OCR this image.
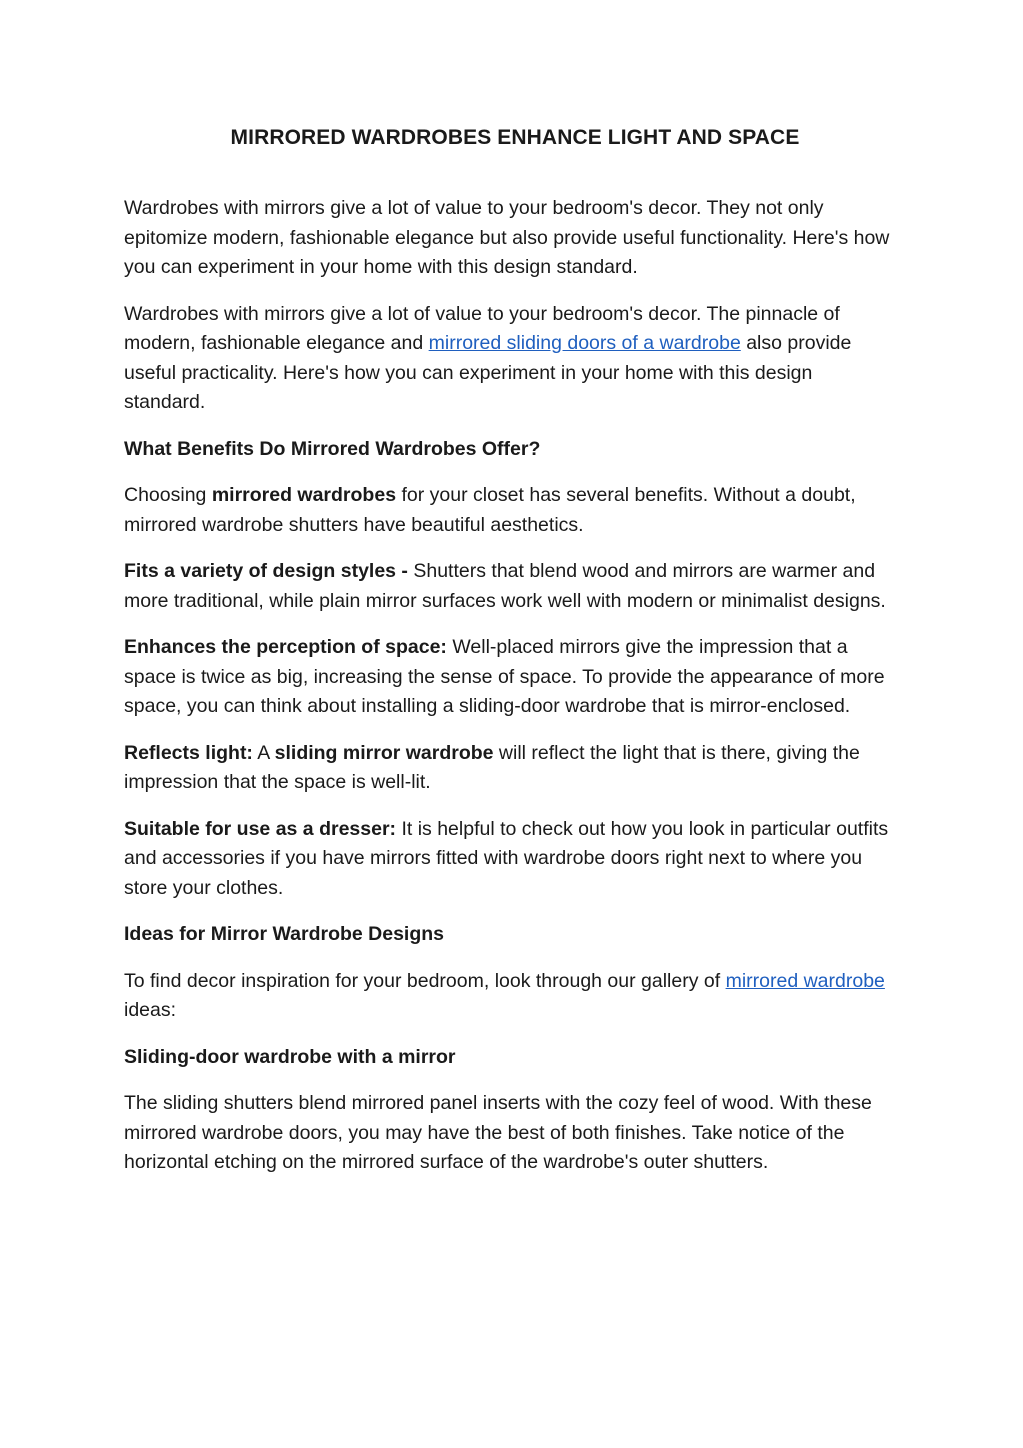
MIRRORED WARDROBES ENHANCE LIGHT AND SPACE

Wardrobes with mirrors give a lot of value to your bedroom's decor. They not only epitomize modern, fashionable elegance but also provide useful functionality. Here's how you can experiment in your home with this design standard.

Wardrobes with mirrors give a lot of value to your bedroom's decor. The pinnacle of modern, fashionable elegance and mirrored sliding doors of a wardrobe also provide useful practicality. Here's how you can experiment in your home with this design standard.

What Benefits Do Mirrored Wardrobes Offer?

Choosing mirrored wardrobes for your closet has several benefits. Without a doubt, mirrored wardrobe shutters have beautiful aesthetics.

Fits a variety of design styles - Shutters that blend wood and mirrors are warmer and more traditional, while plain mirror surfaces work well with modern or minimalist designs.

Enhances the perception of space: Well-placed mirrors give the impression that a space is twice as big, increasing the sense of space. To provide the appearance of more space, you can think about installing a sliding-door wardrobe that is mirror-enclosed.

Reflects light: A sliding mirror wardrobe will reflect the light that is there, giving the impression that the space is well-lit.

Suitable for use as a dresser: It is helpful to check out how you look in particular outfits and accessories if you have mirrors fitted with wardrobe doors right next to where you store your clothes.

Ideas for Mirror Wardrobe Designs

To find decor inspiration for your bedroom, look through our gallery of mirrored wardrobe ideas:

Sliding-door wardrobe with a mirror

The sliding shutters blend mirrored panel inserts with the cozy feel of wood. With these mirrored wardrobe doors, you may have the best of both finishes. Take notice of the horizontal etching on the mirrored surface of the wardrobe's outer shutters.
